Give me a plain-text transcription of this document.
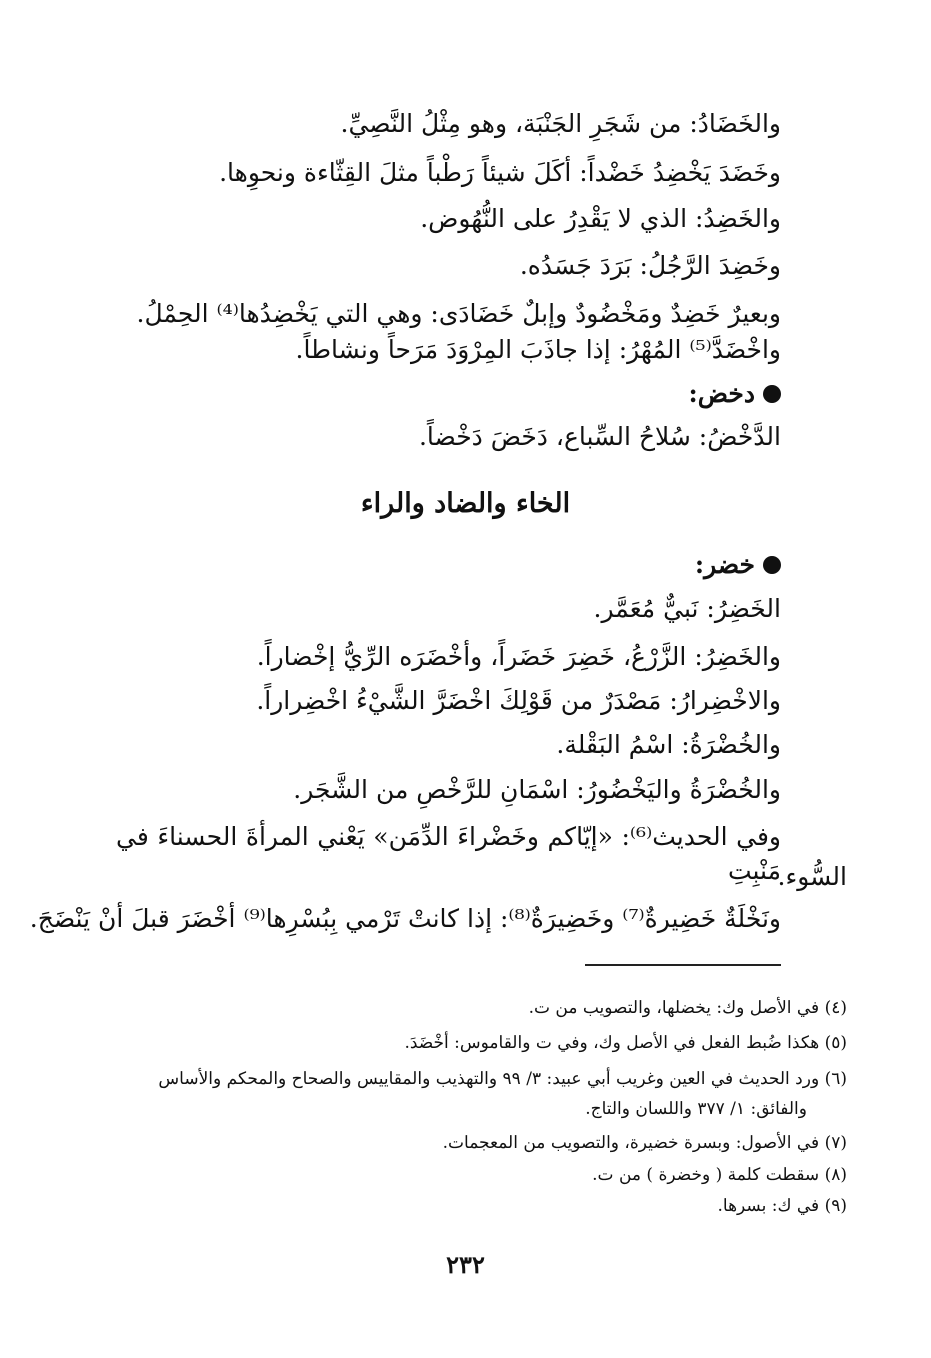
والخَضَادُ: من شَجَرِ الجَنْبَة، وهو مِثْلُ النَّصِيِّ.
وخَضَدَ يَخْضِدُ خَضْداً: أكَلَ شيئاً رَطْباً مثلَ القِثّاءة ونحوِها.
والخَضِدُ: الذي لا يَقْدِرُ على النُّهُوض.
وخَضِدَ الرَّجُلُ: بَرَدَ جَسَدُه.
وبعيرٌ خَضِدٌ ومَخْضُودٌ وإبلٌ خَضَادَى: وهي التي يَخْضِدُها⁽⁴⁾ الحِمْلُ.
واخْضَدَّ⁽⁵⁾ المُهْرُ: إذا جاذَبَ المِرْوَدَ مَرَحاً ونشاطاً.
دخض:
الدَّخْضُ: سُلاحُ السِّباع، دَخَضَ دَخْضاً.
الخاء والضاد والراء
خضر:
الخَضِرُ: نَبيٌّ مُعَمَّر.
والخَضِرُ: الزَّرْعُ، خَضِرَ خَضَراً، وأخْضَرَه الرِّيُّ إخْضاراً.
والاخْضِرارُ: مَصْدَرٌ من قَوْلِكَ اخْضَرَّ الشَّيْءُ اخْضِراراً.
والخُضْرَةُ: اسْمُ البَقْلة.
والخُضْرَةُ واليَخْضُورُ: اسْمَانِ للرَّخْصِ من الشَّجَر.
وفي الحديث⁽⁶⁾: «إيّاكم وخَضْراءَ الدِّمَن» يَعْني المرأةَ الحسناءَ في مَنْبِتِ
السُّوء.
ونَخْلَةٌ خَضِيرةٌ⁽⁷⁾ وخَضِيرَةٌ⁽⁸⁾: إذا كانتْ تَرْمي بِبُسْرِها⁽⁹⁾ أخْضَرَ قبلَ أنْ يَنْضَجَ.
(٤) في الأصل وك: يخضلها، والتصويب من ت.
(٥) هكذا ضُبط الفعل في الأصل وك، وفي ت والقاموس: أخْضَدَ.
(٦) ورد الحديث في العين وغريب أبي عبيد: ٣/ ٩٩ والتهذيب والمقاييس والصحاح والمحكم والأساس
والفائق: ١/ ٣٧٧ واللسان والتاج.
(٧) في الأصول: وبسرة خضيرة، والتصويب من المعجمات.
(٨) سقطت كلمة ( وخضرة ) من ت.
(٩) في ك: بسرها.
٢٣٢
